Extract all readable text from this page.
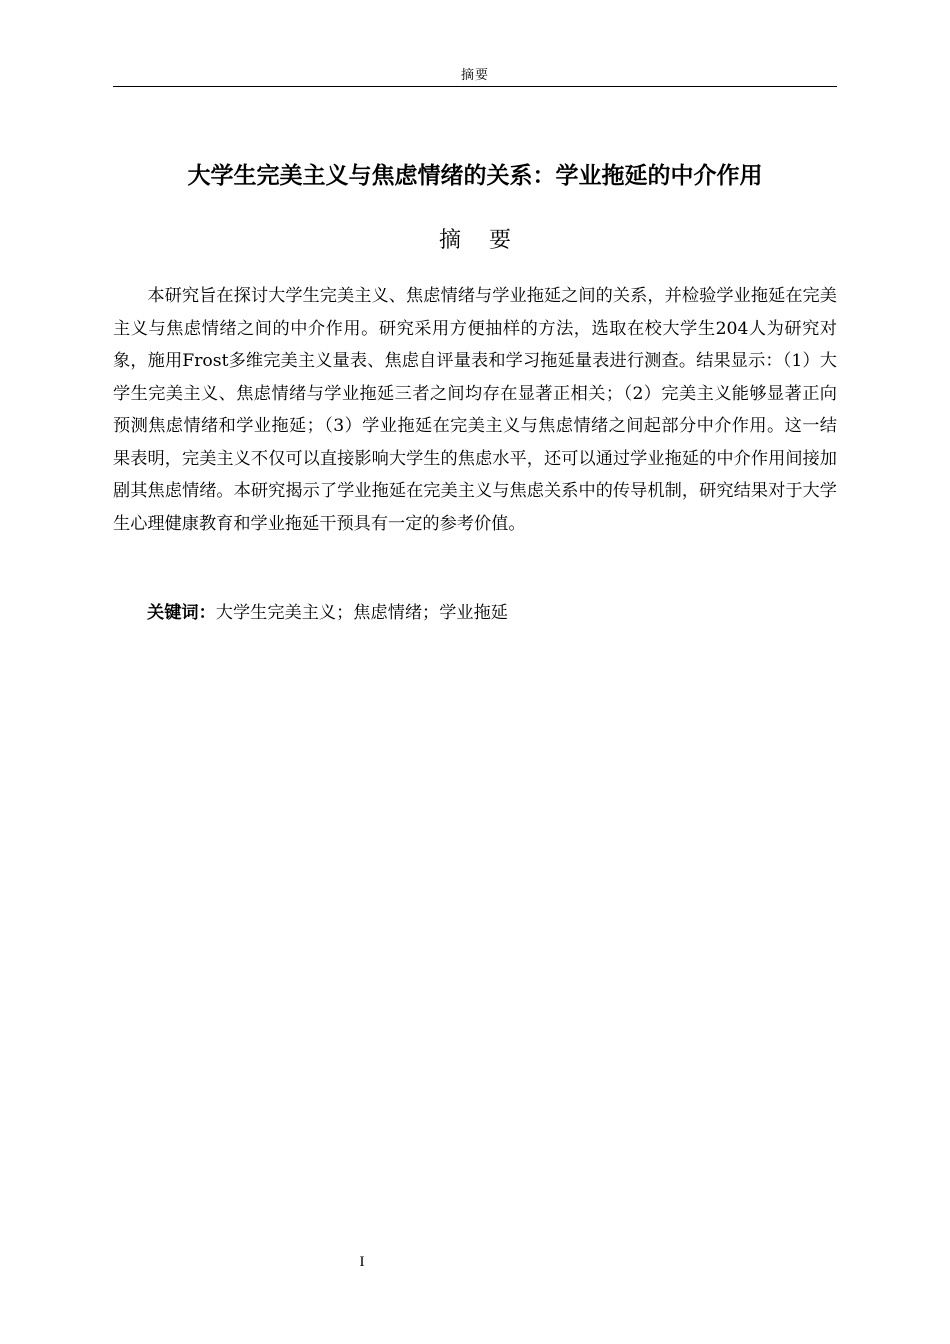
摘要
大学生完美主义与焦虑情绪的关系：学业拖延的中介作用
摘 要

本研究旨在探讨大学生完美主义、焦虑情绪与学业拖延之间的关系，并检验学业拖延在完美主义与焦虑情绪之间的中介作用。研究采用方便抽样的方法，选取在校大学生204人为研究对象，施用Frost多维完美主义量表、焦虑自评量表和学习拖延量表进行测查。结果显示：（1）大学生完美主义、焦虑情绪与学业拖延三者之间均存在显著正相关；（2）完美主义能够显著正向预测焦虑情绪和学业拖延；（3）学业拖延在完美主义与焦虑情绪之间起部分中介作用。这一结果表明，完美主义不仅可以直接影响大学生的焦虑水平，还可以通过学业拖延的中介作用间接加剧其焦虑情绪。本研究揭示了学业拖延在完美主义与焦虑关系中的传导机制，研究结果对于大学生心理健康教育和学业拖延干预具有一定的参考价值。

关键词：大学生完美主义；焦虑情绪；学业拖延
I
